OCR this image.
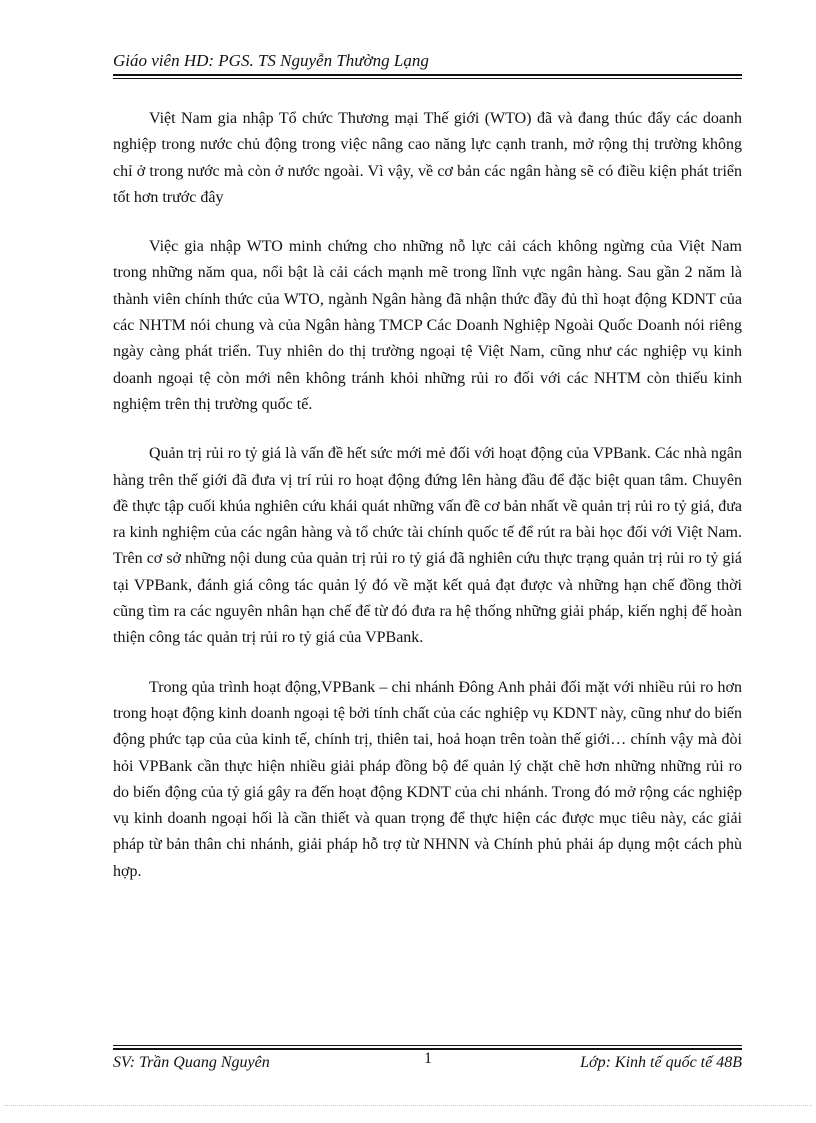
Giáo viên HD: PGS. TS Nguyễn Thường Lạng

Việt Nam gia nhập Tổ chức Thương mại Thế giới (WTO) đã và đang thúc đẩy các doanh nghiệp trong nước chủ động trong việc nâng cao năng lực cạnh tranh, mở rộng thị trường không chỉ ở trong nước mà còn ở nước ngoài. Vì vậy, về cơ bản các ngân hàng sẽ có điều kiện phát triển tốt hơn trước đây

Việc gia nhập WTO minh chứng cho những nỗ lực cải cách không ngừng của Việt Nam trong những năm qua, nổi bật là cải cách mạnh mẽ trong lĩnh vực ngân hàng. Sau gần 2 năm là thành viên chính thức của WTO, ngành Ngân hàng đã nhận thức đầy đủ thì hoạt động KDNT của các NHTM nói chung và của Ngân hàng TMCP Các Doanh Nghiệp Ngoài Quốc Doanh nói riêng ngày càng phát triển. Tuy nhiên do thị trường ngoại tệ Việt Nam, cũng như các nghiệp vụ kinh doanh ngoại tệ còn mới nên không tránh khỏi những rủi ro đối với các NHTM còn thiếu kinh nghiệm trên thị trường quốc tế.

Quản trị rủi ro tỷ giá là vấn đề hết sức mới mẻ đối với hoạt động của VPBank. Các nhà ngân hàng trên thế giới đã đưa vị trí rủi ro hoạt động đứng lên hàng đầu để đặc biệt quan tâm. Chuyên đề thực tập cuối khúa nghiên cứu khái quát những vấn đề cơ bản nhất về quản trị rủi ro tỷ giá, đưa ra kinh nghiệm của các ngân hàng và tổ chức tài chính quốc tế để rút ra bài học đối với Việt Nam. Trên cơ sở những nội dung của quản trị rủi ro tỷ giá đã nghiên cứu thực trạng quản trị rủi ro tỷ giá tại VPBank, đánh giá công tác quản lý đó về mặt kết quả đạt được và những hạn chế đồng thời cũng tìm ra các nguyên nhân hạn chế để từ đó đưa ra hệ thống những giải pháp, kiến nghị để hoàn thiện công tác quản trị rủi ro tỷ giá của VPBank.

Trong qủa trình hoạt động,VPBank – chi nhánh Đông Anh phải đối mặt với nhiều rủi ro hơn trong hoạt động kinh doanh ngoại tệ bởi tính chất của các nghiệp vụ KDNT này, cũng như do biến động phức tạp của của kinh tế, chính trị, thiên tai, hoả hoạn trên toàn thế giới… chính vậy mà đòi hỏi VPBank cần thực hiện nhiều giải pháp đồng bộ để quản lý chặt chẽ hơn những những rủi ro do biến động của tỷ giá gây ra đến hoạt động KDNT của chi nhánh. Trong đó mở rộng các nghiệp vụ kinh doanh ngoại hối là cần thiết và quan trọng để thực hiện các được mục tiêu này, các giải pháp từ bản thân chi nhánh, giải pháp hỗ trợ từ NHNN và Chính phủ phải áp dụng một cách phù hợp.

SV: Trần Quang Nguyên	1	Lớp: Kinh tế quốc tế 48B
